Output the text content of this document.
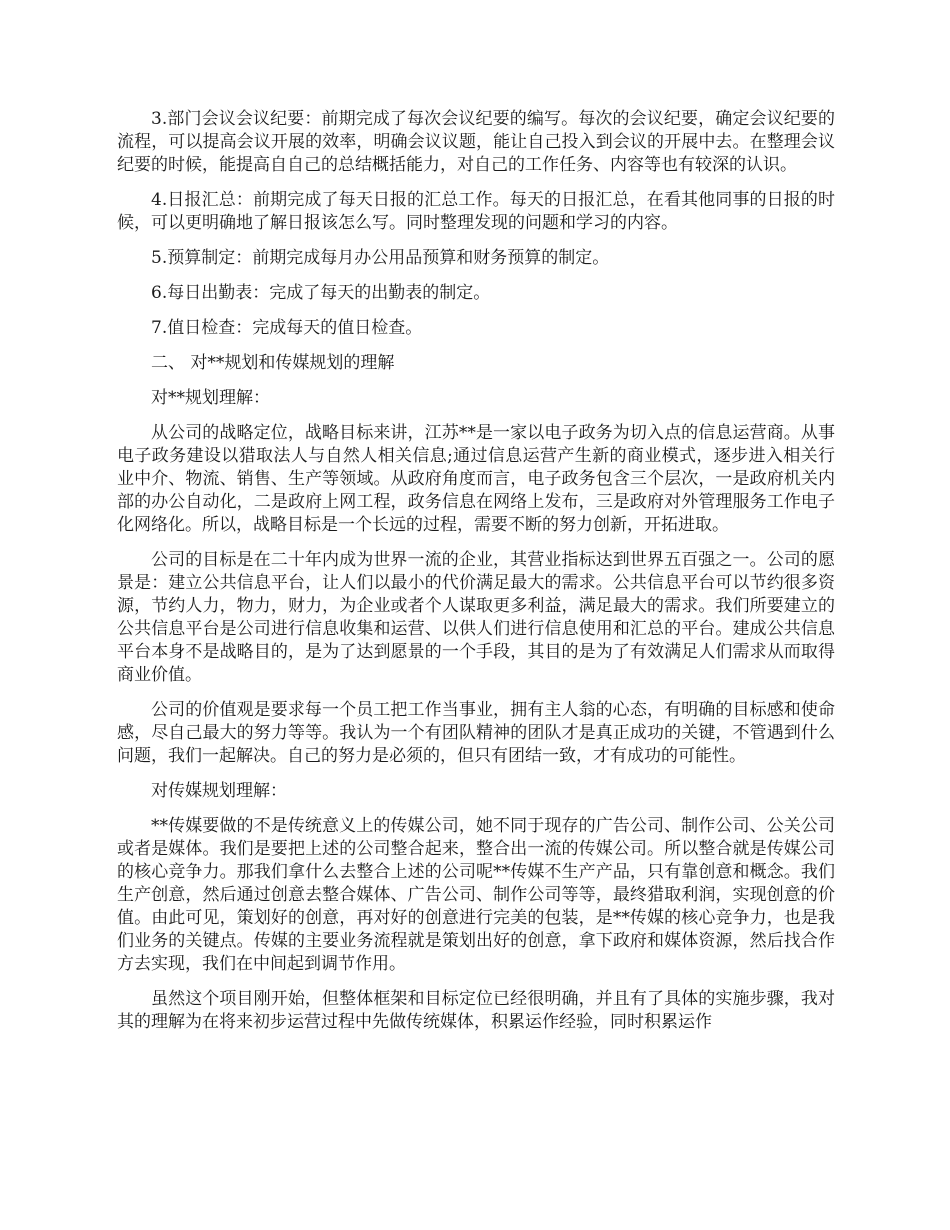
3.部门会议会议纪要：前期完成了每次会议纪要的编写。每次的会议纪要，确定会议纪要的流程，可以提高会议开展的效率，明确会议议题，能让自己投入到会议的开展中去。在整理会议纪要的时候，能提高自自己的总结概括能力，对自己的工作任务、内容等也有较深的认识。

4.日报汇总：前期完成了每天日报的汇总工作。每天的日报汇总，在看其他同事的日报的时候，可以更明确地了解日报该怎么写。同时整理发现的问题和学习的内容。

5.预算制定：前期完成每月办公用品预算和财务预算的制定。

6.每日出勤表：完成了每天的出勤表的制定。

7.值日检查：完成每天的值日检查。

二、 对**规划和传媒规划的理解

对**规划理解：

从公司的战略定位，战略目标来讲，江苏**是一家以电子政务为切入点的信息运营商。从事电子政务建设以猎取法人与自然人相关信息;通过信息运营产生新的商业模式，逐步进入相关行业中介、物流、销售、生产等领域。从政府角度而言，电子政务包含三个层次，一是政府机关内部的办公自动化，二是政府上网工程，政务信息在网络上发布，三是政府对外管理服务工作电子化网络化。所以，战略目标是一个长远的过程，需要不断的努力创新，开拓进取。

公司的目标是在二十年内成为世界一流的企业，其营业指标达到世界五百强之一。公司的愿景是：建立公共信息平台，让人们以最小的代价满足最大的需求。公共信息平台可以节约很多资源，节约人力，物力，财力，为企业或者个人谋取更多利益，满足最大的需求。我们所要建立的公共信息平台是公司进行信息收集和运营、以供人们进行信息使用和汇总的平台。建成公共信息平台本身不是战略目的，是为了达到愿景的一个手段，其目的是为了有效满足人们需求从而取得商业价值。

公司的价值观是要求每一个员工把工作当事业，拥有主人翁的心态，有明确的目标感和使命感，尽自己最大的努力等等。我认为一个有团队精神的团队才是真正成功的关键，不管遇到什么问题，我们一起解决。自己的努力是必须的，但只有团结一致，才有成功的可能性。

对传媒规划理解：

**传媒要做的不是传统意义上的传媒公司，她不同于现存的广告公司、制作公司、公关公司或者是媒体。我们是要把上述的公司整合起来，整合出一流的传媒公司。所以整合就是传媒公司的核心竞争力。那我们拿什么去整合上述的公司呢**传媒不生产产品，只有靠创意和概念。我们生产创意，然后通过创意去整合媒体、广告公司、制作公司等等，最终猎取利润，实现创意的价值。由此可见，策划好的创意，再对好的创意进行完美的包装，是**传媒的核心竞争力，也是我们业务的关键点。传媒的主要业务流程就是策划出好的创意，拿下政府和媒体资源，然后找合作方去实现，我们在中间起到调节作用。

虽然这个项目刚开始，但整体框架和目标定位已经很明确，并且有了具体的实施步骤，我对其的理解为在将来初步运营过程中先做传统媒体，积累运作经验，同时积累运作
